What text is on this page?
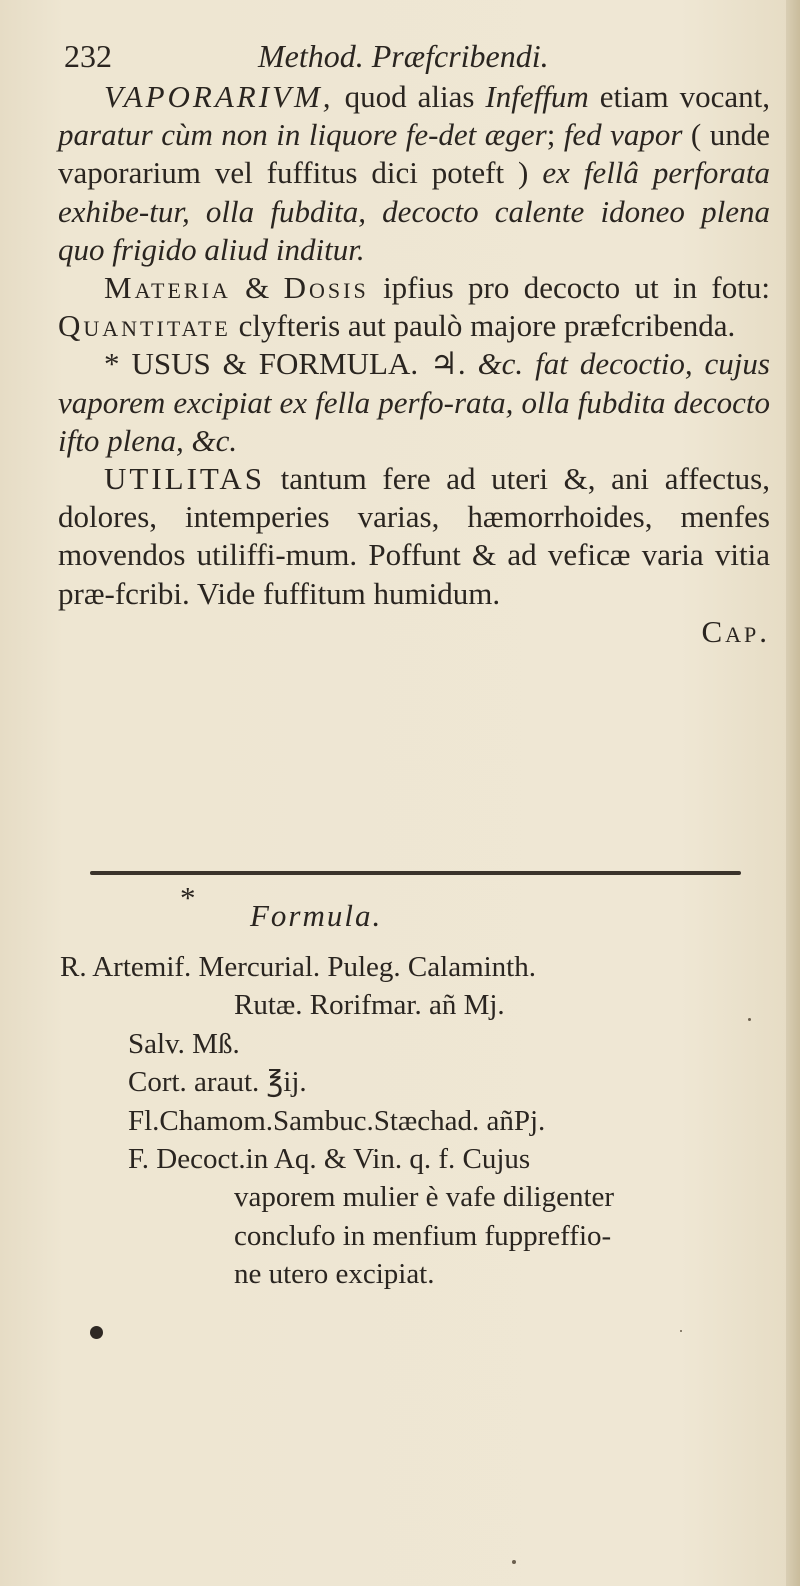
232	Method. Præfcribendi.

VAPORARIVM, quod alias Infeffum etiam vocant, paratur cùm non in liquore fe-det æger; fed vapor ( unde vaporarium vel fuffitus dici poteft ) ex fellâ perforata exhibe-tur, olla fubdita, decocto calente idoneo plena quo frigido aliud inditur.

Materia & Dosis ipfius pro decocto ut in fotu: Quantitate clyfteris aut paulò majore præfcribenda.

* USUS & FORMULA. ♃. &c. fat decoctio, cujus vaporem excipiat ex fella perfo-rata, olla fubdita decocto ifto plena, &c.

UTILITAS tantum fere ad uteri &, ani affectus, dolores, intemperies varias, hæmorrhoides, menfes movendos utiliffi-mum. Poffunt & ad veficæ varia vitia præ-fcribi. Vide fuffitum humidum.

Cap.

*
Formula.
R. Artemif. Mercurial. Puleg. Calaminth.
Rutæ. Rorifmar. añ Mj.
Salv. Mß.
Cort. araut. ℥ij.
Fl.Chamom.Sambuc.Stæchad. añPj.
F. Decoct.in Aq. & Vin. q. f. Cujus
vaporem mulier è vafe diligenter
conclufo in menfium fuppreffio-
ne utero excipiat.
